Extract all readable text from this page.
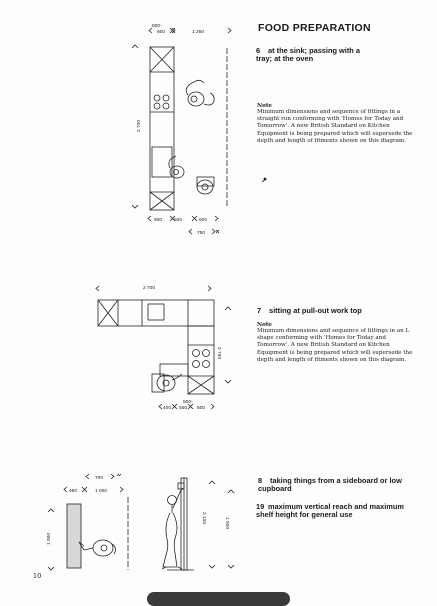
FOOD PREPARATION
6 at the sink; passing with a tray; at the oven
Note
Minimum dimensions and sequence of fittings in a straight run conforming with 'Homes for Today and Tomorrow'. A new British Standard on Kitchen Equipment is being prepared which will supersede the depth and length of fitments shown on this diagram.
7 sitting at pull-out work top
Note
Minimum dimensions and sequence of fittings in an L shape conforming with 'Homes for Today and Tomorrow'. A new British Standard on Kitchen Equipment is being prepared which will supersede the depth and length of fitments shown on this diagram.
8 taking things from a sideboard or low cupboard
19 maximum vertical reach and maximum shelf height for general use
10
500-
600	1 250
2 700
600 500	600
750
2 700
2 700
500-
400 550 600
700
450	1 000
1 000
2 100	1 800
